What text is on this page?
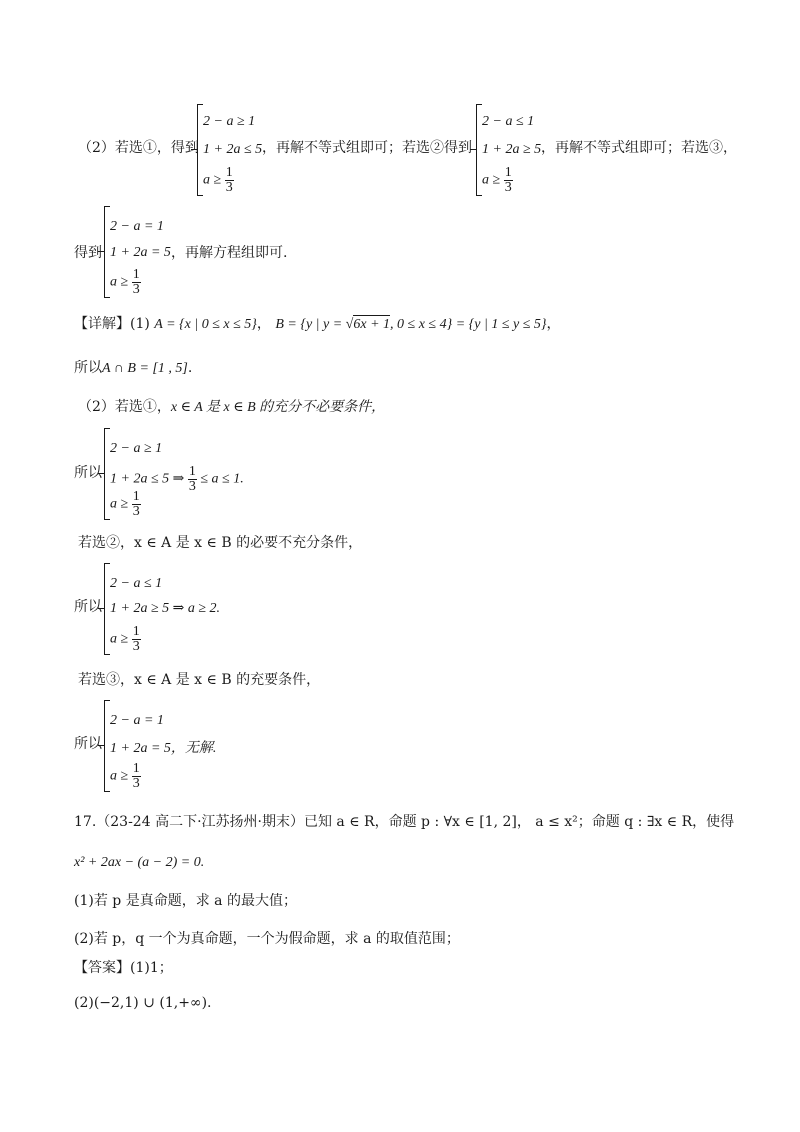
（2）若选①，得到
2 − a ≥ 1
1 + 2a ≤ 5
$a \ge \frac{1}{3}$
，再解不等式组即可；若选②得到
2 − a ≤ 1
1 + 2a ≥ 5
$a \ge \frac{1}{3}$
，再解不等式组即可；若选③，
得到
2 − a = 1
1 + 2a = 5
$a \ge \frac{1}{3}$
，再解方程组即可.
【详解】(1) A = {x | 0 ≤ x ≤ 5}， B = {y | y = √6x + 1, 0 ≤ x ≤ 4} = {y | 1 ≤ y ≤ 5}，
所以A ∩ B = [1 , 5].
（2）若选①，x ∈ A 是 x ∈ B 的充分不必要条件，
所以
2 − a ≥ 1
1 + 2a ≤ 5 ⇒ $\frac{1}{3} \le a \le 1$.
$a \ge \frac{1}{3}$
若选②，x ∈ A 是 x ∈ B 的必要不充分条件，
所以
2 − a ≤ 1
1 + 2a ≥ 5 ⇒ a ≥ 2.
$a \ge \frac{1}{3}$
若选③，x ∈ A 是 x ∈ B 的充要条件，
所以
2 − a = 1
1 + 2a = 5，无解.
$a \ge \frac{1}{3}$
17.（23-24 高二下·江苏扬州·期末）已知 a ∈ R，命题 p : ∀x ∈ [1, 2]， a ≤ x²；命题 q : ∃x ∈ R，使得
x² + 2ax − (a − 2) = 0.
(1)若 p 是真命题，求 a 的最大值；
(2)若 p，q 一个为真命题，一个为假命题，求 a 的取值范围；
【答案】(1)1；
(2)(−2,1) ∪ (1,+∞).
